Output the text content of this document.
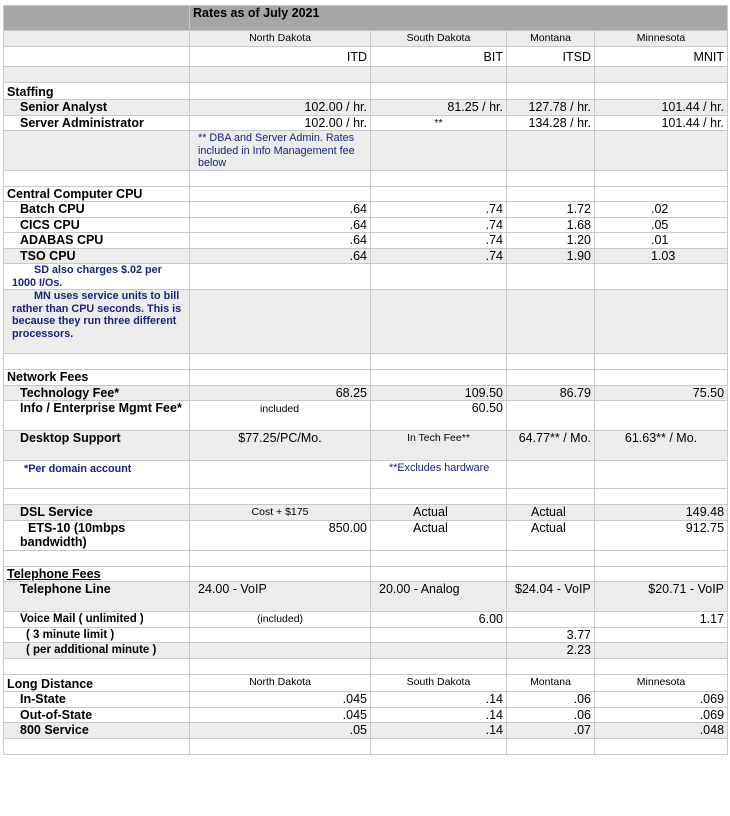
	Rates as of July 2021			
	North Dakota	South Dakota	Montana	Minnesota
	ITD	BIT	ITSD	MNIT

Staffing				
Senior Analyst	102.00 / hr.	81.25 / hr.	127.78 / hr.	101.44 / hr.
Server Administrator	102.00 / hr.	**	134.28 / hr.	101.44 / hr.
	** DBA and Server Admin. Rates included in Info Management fee below			

Central Computer CPU				
Batch CPU	.64	.74	1.72	.02
CICS CPU	.64	.74	1.68	.05
ADABAS CPU	.64	.74	1.20	.01
TSO CPU	.64	.74	1.90	1.03
SD also charges $.02 per 1000 I/Os.				
MN uses service units to bill rather than CPU seconds. This is because they run three different processors.				

Network Fees				
Technology Fee*	68.25	109.50	86.79	75.50
Info / Enterprise Mgmt Fee*	included	60.50		
Desktop Support	$77.25/PC/Mo.	In Tech Fee**	64.77** / Mo.	61.63** / Mo.
*Per domain account		**Excludes hardware		

DSL Service	Cost + $175	Actual	Actual	149.48
ETS-10 (10mbps bandwidth)	850.00	Actual	Actual	912.75

Telephone Fees				
Telephone Line	24.00 - VoIP	20.00 - Analog	$24.04 - VoIP	$20.71 - VoIP
Voice Mail ( unlimited )	(included)	6.00		1.17
( 3 minute limit )			3.77	
( per additional minute )			2.23	

Long Distance	North Dakota	South Dakota	Montana	Minnesota
In-State	.045	.14	.06	.069
Out-of-State	.045	.14	.06	.069
800 Service	.05	.14	.07	.048
